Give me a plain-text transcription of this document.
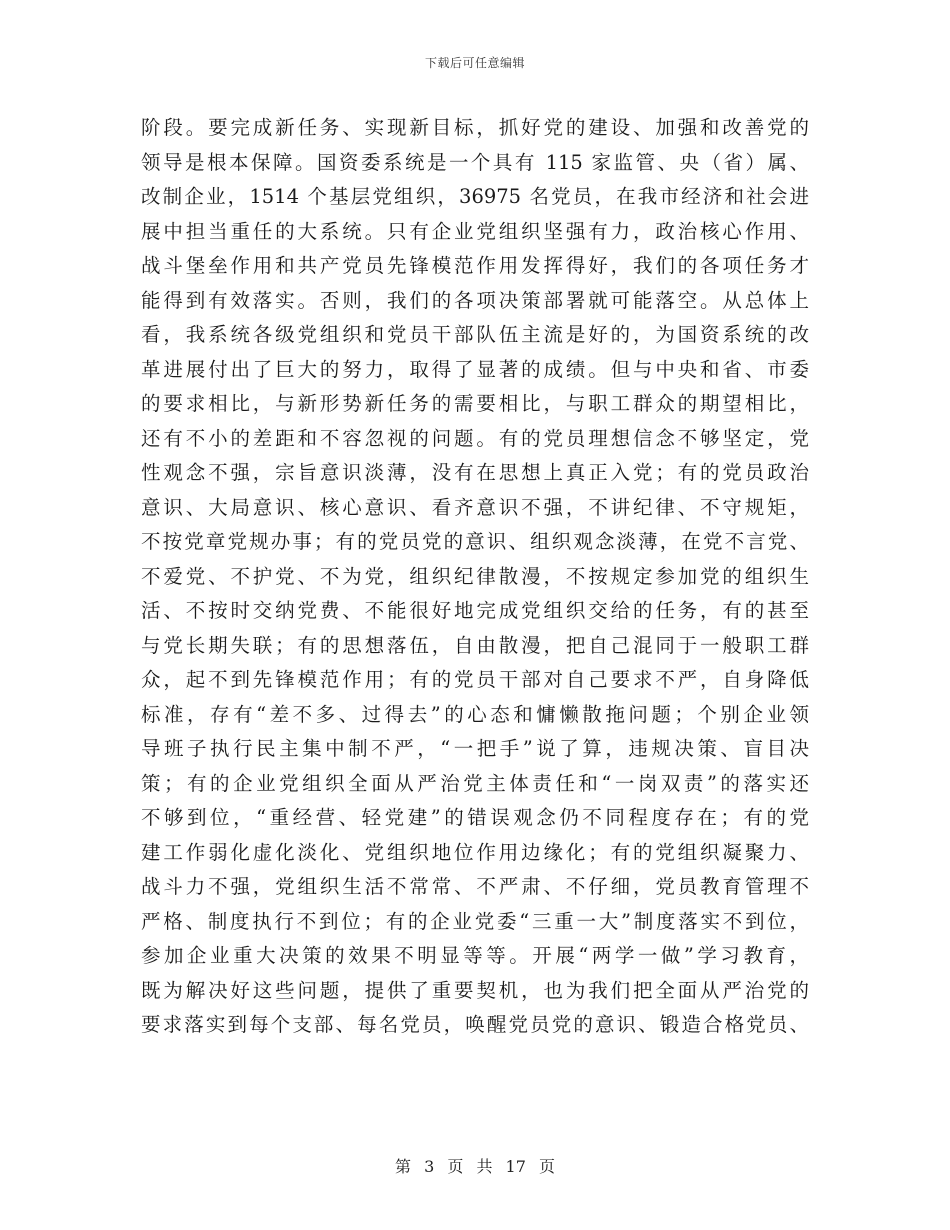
下载后可任意编辑
阶段。要完成新任务、实现新目标，抓好党的建设、加强和改善党的
领导是根本保障。国资委系统是一个具有 115 家监管、央（省）属、
改制企业，1514 个基层党组织，36975 名党员，在我市经济和社会进
展中担当重任的大系统。只有企业党组织坚强有力，政治核心作用、
战斗堡垒作用和共产党员先锋模范作用发挥得好，我们的各项任务才
能得到有效落实。否则，我们的各项决策部署就可能落空。从总体上
看，我系统各级党组织和党员干部队伍主流是好的，为国资系统的改
革进展付出了巨大的努力，取得了显著的成绩。但与中央和省、市委
的要求相比，与新形势新任务的需要相比，与职工群众的期望相比，
还有不小的差距和不容忽视的问题。有的党员理想信念不够坚定，党
性观念不强，宗旨意识淡薄，没有在思想上真正入党；有的党员政治
意识、大局意识、核心意识、看齐意识不强，不讲纪律、不守规矩，
不按党章党规办事；有的党员党的意识、组织观念淡薄，在党不言党、
不爱党、不护党、不为党，组织纪律散漫，不按规定参加党的组织生
活、不按时交纳党费、不能很好地完成党组织交给的任务，有的甚至
与党长期失联；有的思想落伍，自由散漫，把自己混同于一般职工群
众，起不到先锋模范作用；有的党员干部对自己要求不严，自身降低
标准，存有“差不多、过得去”的心态和慵懒散拖问题；个别企业领
导班子执行民主集中制不严，“一把手”说了算，违规决策、盲目决
策；有的企业党组织全面从严治党主体责任和“一岗双责”的落实还
不够到位，“重经营、轻党建”的错误观念仍不同程度存在；有的党
建工作弱化虚化淡化、党组织地位作用边缘化；有的党组织凝聚力、
战斗力不强，党组织生活不常常、不严肃、不仔细，党员教育管理不
严格、制度执行不到位；有的企业党委“三重一大”制度落实不到位，
参加企业重大决策的效果不明显等等。开展“两学一做”学习教育，
既为解决好这些问题，提供了重要契机，也为我们把全面从严治党的
要求落实到每个支部、每名党员，唤醒党员党的意识、锻造合格党员、
第 3 页 共 17 页
